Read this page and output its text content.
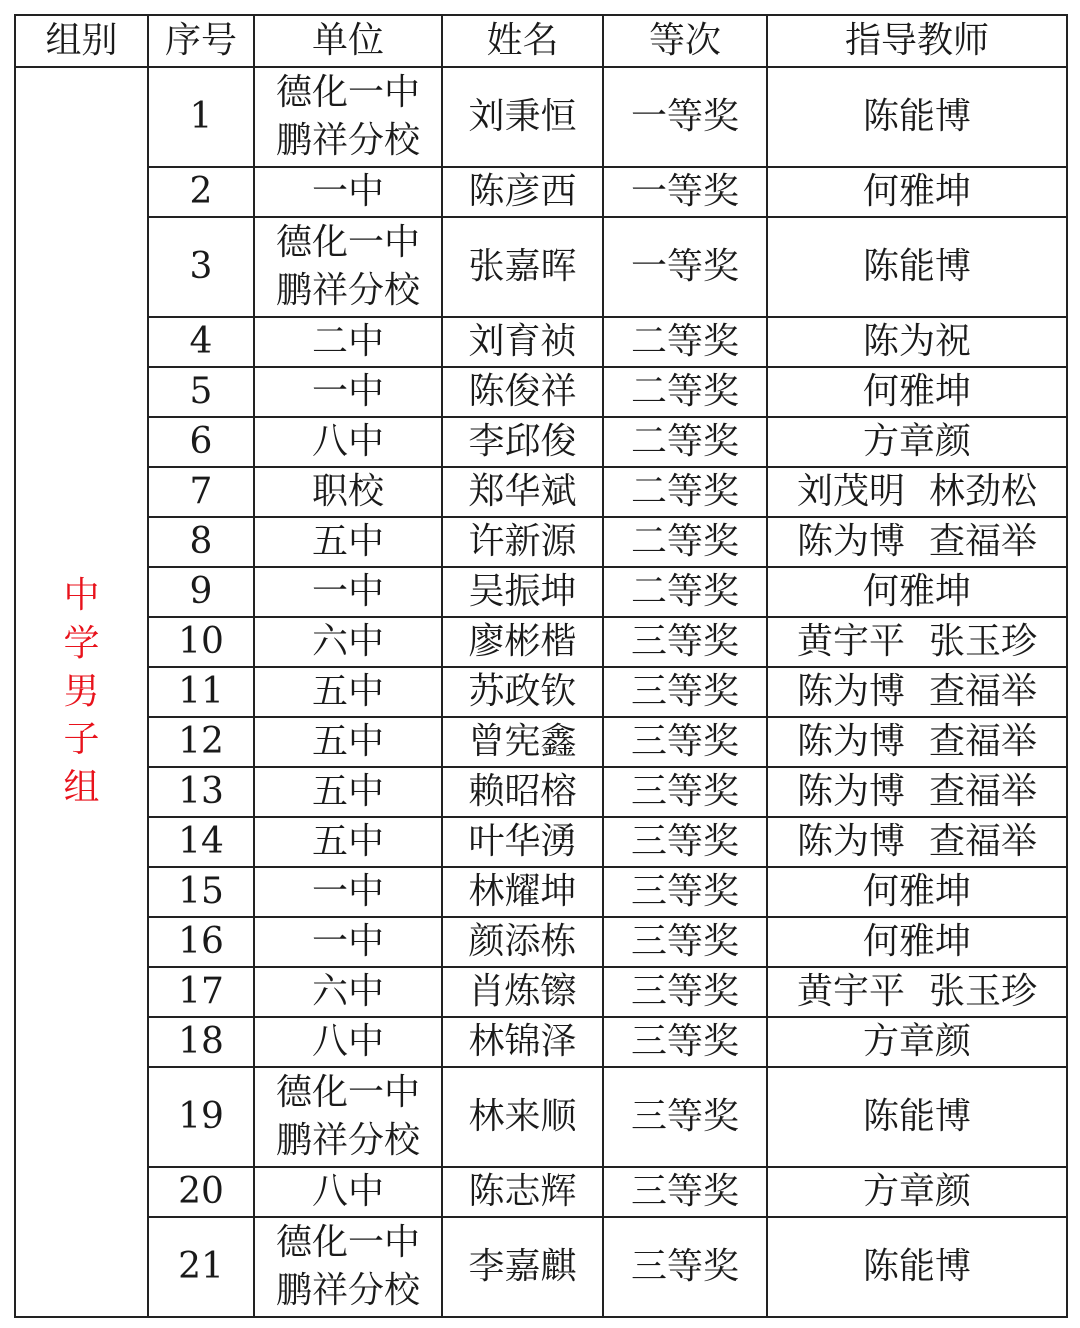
组别	序号	单位	姓名	等次	指导教师

中
学
男
子
组	1	德化一中
鹏祥分校	刘秉恒	一等奖	陈能博
	2	一中	陈彦西	一等奖	何雅坤
	3	德化一中
鹏祥分校	张嘉晖	一等奖	陈能博
	4	二中	刘育祯	二等奖	陈为祝
	5	一中	陈俊祥	二等奖	何雅坤
	6	八中	李邱俊	二等奖	方章颜
	7	职校	郑华斌	二等奖	刘茂明 林劲松
	8	五中	许新源	二等奖	陈为博 查福举
	9	一中	吴振坤	二等奖	何雅坤
	10	六中	廖彬楷	三等奖	黄宇平 张玉珍
	11	五中	苏政钦	三等奖	陈为博 查福举
	12	五中	曾宪鑫	三等奖	陈为博 查福举
	13	五中	赖昭榕	三等奖	陈为博 查福举
	14	五中	叶华湧	三等奖	陈为博 查福举
	15	一中	林耀坤	三等奖	何雅坤
	16	一中	颜添栋	三等奖	何雅坤
	17	六中	肖炼镲	三等奖	黄宇平 张玉珍
	18	八中	林锦泽	三等奖	方章颜
	19	德化一中
鹏祥分校	林来顺	三等奖	陈能博
	20	八中	陈志辉	三等奖	方章颜
	21	德化一中
鹏祥分校	李嘉麒	三等奖	陈能博
